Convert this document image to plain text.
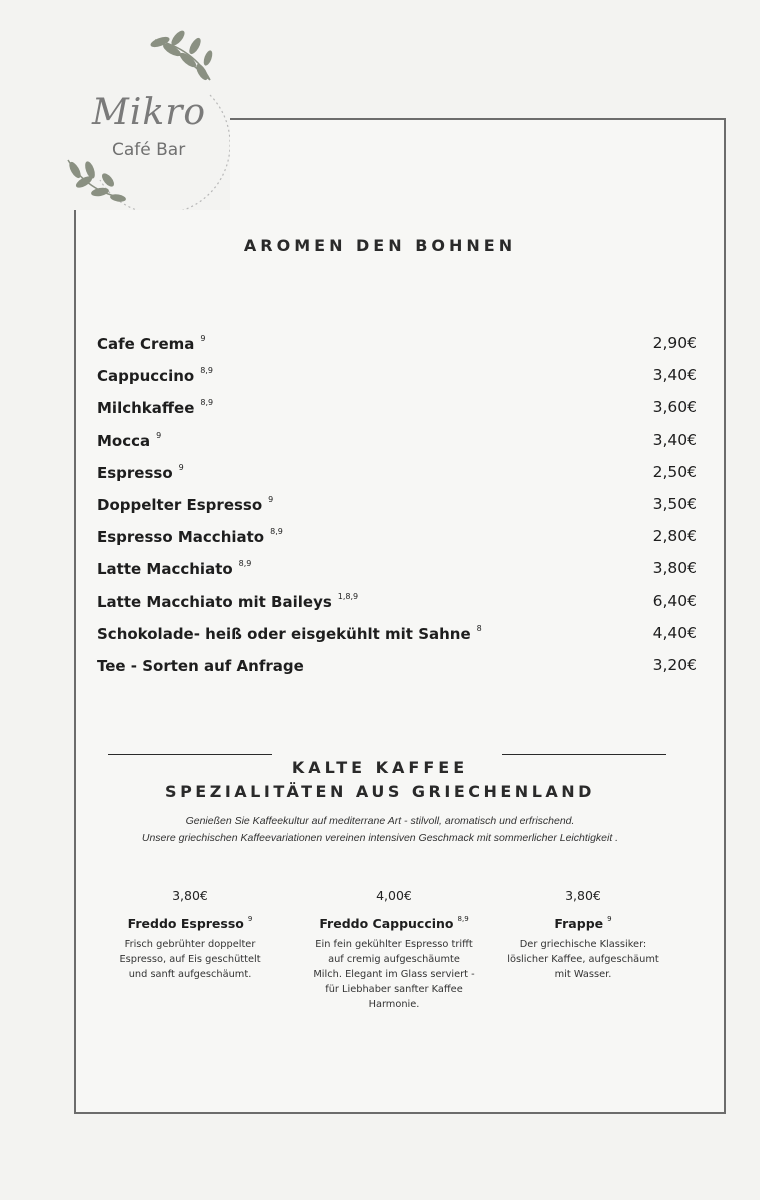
Mikro
Café Bar
AROMEN DEN BOHNEN
Cafe Crema $^9$	2,90€
Cappuccino $^{8,9}$	3,40€
Milchkaffee $^{8,9}$	3,60€
Mocca $^9$	3,40€
Espresso $^9$	2,50€
Doppelter Espresso $^9$	3,50€
Espresso Macchiato $^{8,9}$	2,80€
Latte Macchiato $^{8,9}$	3,80€
Latte Macchiato mit Baileys $^{1,8,9}$	6,40€
Schokolade- heiß oder eisgekühlt mit Sahne $^8$	4,40€
Tee - Sorten auf Anfrage	3,20€
KALTE KAFFEE
SPEZIALITÄTEN AUS GRIECHENLAND
Genießen Sie Kaffeekultur auf mediterrane Art - stilvoll, aromatisch und erfrischend.
Unsere griechischen Kaffeevariationen vereinen intensiven Geschmack mit sommerlicher Leichtigkeit .
3,80€
Freddo Espresso $^9$
Frisch gebrühter doppelter
Espresso, auf Eis geschüttelt
und sanft aufgeschäumt.
4,00€
Freddo Cappuccino $^{8,9}$
Ein fein gekühlter Espresso trifft
auf cremig aufgeschäumte
Milch. Elegant im Glass serviert -
für Liebhaber sanfter Kaffee
Harmonie.
3,80€
Frappe $^9$
Der griechische Klassiker:
löslicher Kaffee, aufgeschäumt
mit Wasser.
